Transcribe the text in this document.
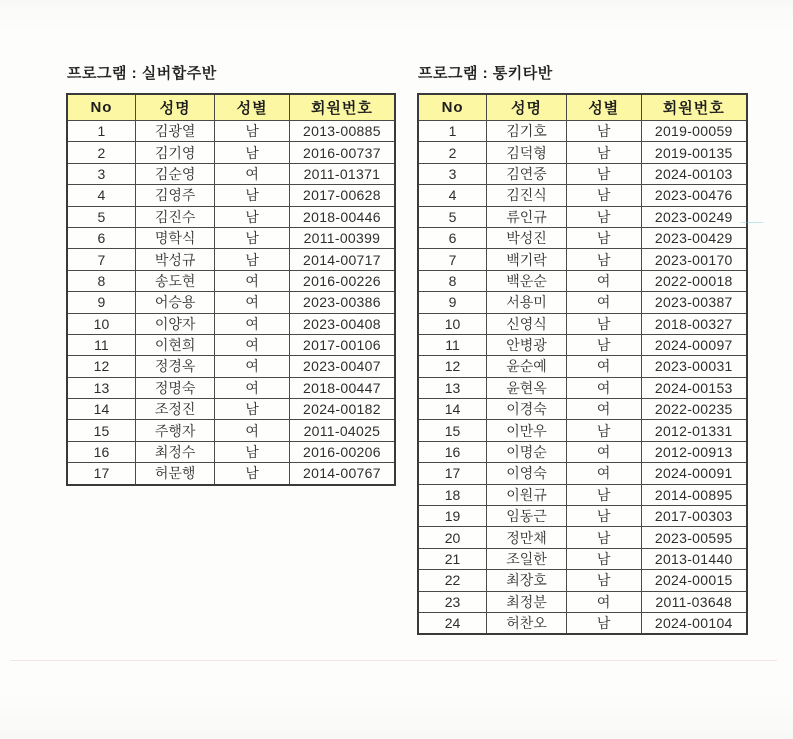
프로그램 : 실버합주반
No	성명	성별	회원번호
1	김광열	남	2013-00885
2	김기영	남	2016-00737
3	김순영	여	2011-01371
4	김영주	남	2017-00628
5	김진수	남	2018-00446
6	명학식	남	2011-00399
7	박성규	남	2014-00717
8	송도현	여	2016-00226
9	어승용	여	2023-00386
10	이양자	여	2023-00408
11	이현희	여	2017-00106
12	정경옥	여	2023-00407
13	정명숙	여	2018-00447
14	조정진	남	2024-00182
15	주행자	여	2011-04025
16	최정수	남	2016-00206
17	허문행	남	2014-00767
프로그램 : 통키타반
No	성명	성별	회원번호
1	김기호	남	2019-00059
2	김덕형	남	2019-00135
3	김연중	남	2024-00103
4	김진식	남	2023-00476
5	류인규	남	2023-00249
6	박성진	남	2023-00429
7	백기락	남	2023-00170
8	백운순	여	2022-00018
9	서용미	여	2023-00387
10	신영식	남	2018-00327
11	안병광	남	2024-00097
12	윤순예	여	2023-00031
13	윤현옥	여	2024-00153
14	이경숙	여	2022-00235
15	이만우	남	2012-01331
16	이명순	여	2012-00913
17	이영숙	여	2024-00091
18	이원규	남	2014-00895
19	임동근	남	2017-00303
20	정만채	남	2023-00595
21	조일한	남	2013-01440
22	최장호	남	2024-00015
23	최정분	여	2011-03648
24	허찬오	남	2024-00104
